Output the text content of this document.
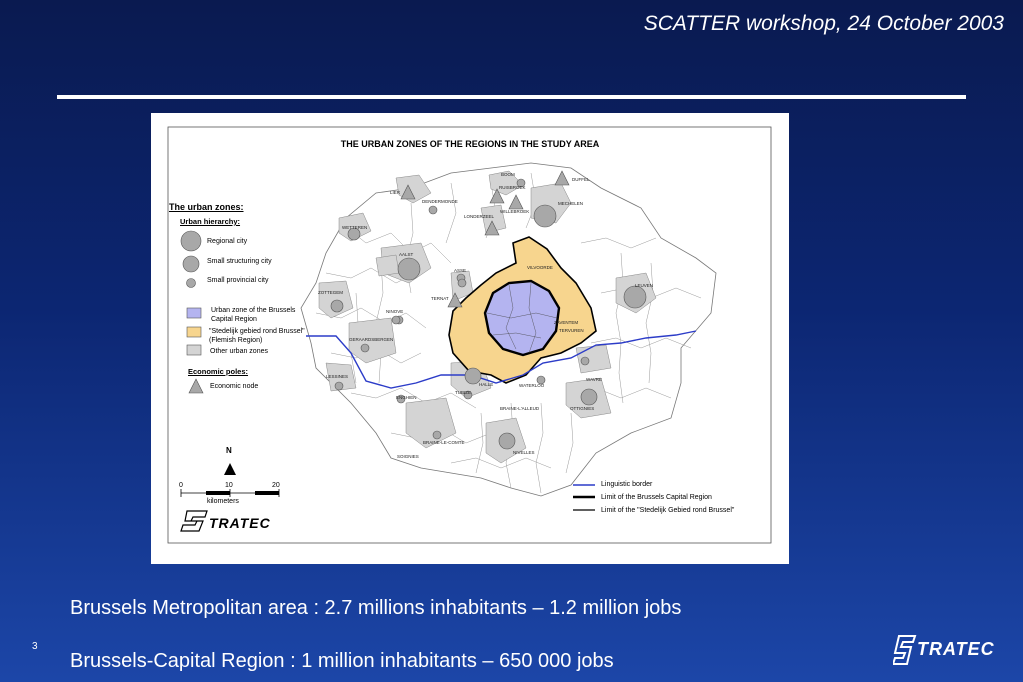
SCATTER workshop, 24 October 2003
THE URBAN ZONES OF THE REGIONS IN THE STUDY AREA
The urban zones:
Urban hierarchy:
Regional city
Small structuring city
Small provincial city
Urban zone of the Brussels
Capital Region
"Stedelijk gebied rond Brussel"
(Flemish Region)
Other urban zones
Economic poles:
Economic node
Linguistic border
Limit of the Brussels Capital Region
Limit of the "Stedelijk Gebied rond Brussel"
N
0	10	20
kilometers
TRATEC
BOOM
DUFFEL
RUISBROEK
LIER
DENDERMONDE
LONDERZEEL
WILLEBROEK
MECHELEN
WETTEREN
AALST
ASSE
TERNAT
ZOTTEGEM
NINOVE
VILVOORDE
ZAVENTEM
LEUVEN
TERVUREN
GERAARDSBERGEN
LESSINES
ENGHIEN
TUBIZE
HALLE	WATERLOO
WAVRE
OTTIGNIES
BRAINE-L'ALLEUD
BRAINE-LE-COMTE
SOIGNIES
NIVELLES
Brussels Metropolitan area : 2.7 millions inhabitants – 1.2 million jobs
Brussels-Capital Region : 1 million inhabitants – 650 000 jobs
3	TRATEC
